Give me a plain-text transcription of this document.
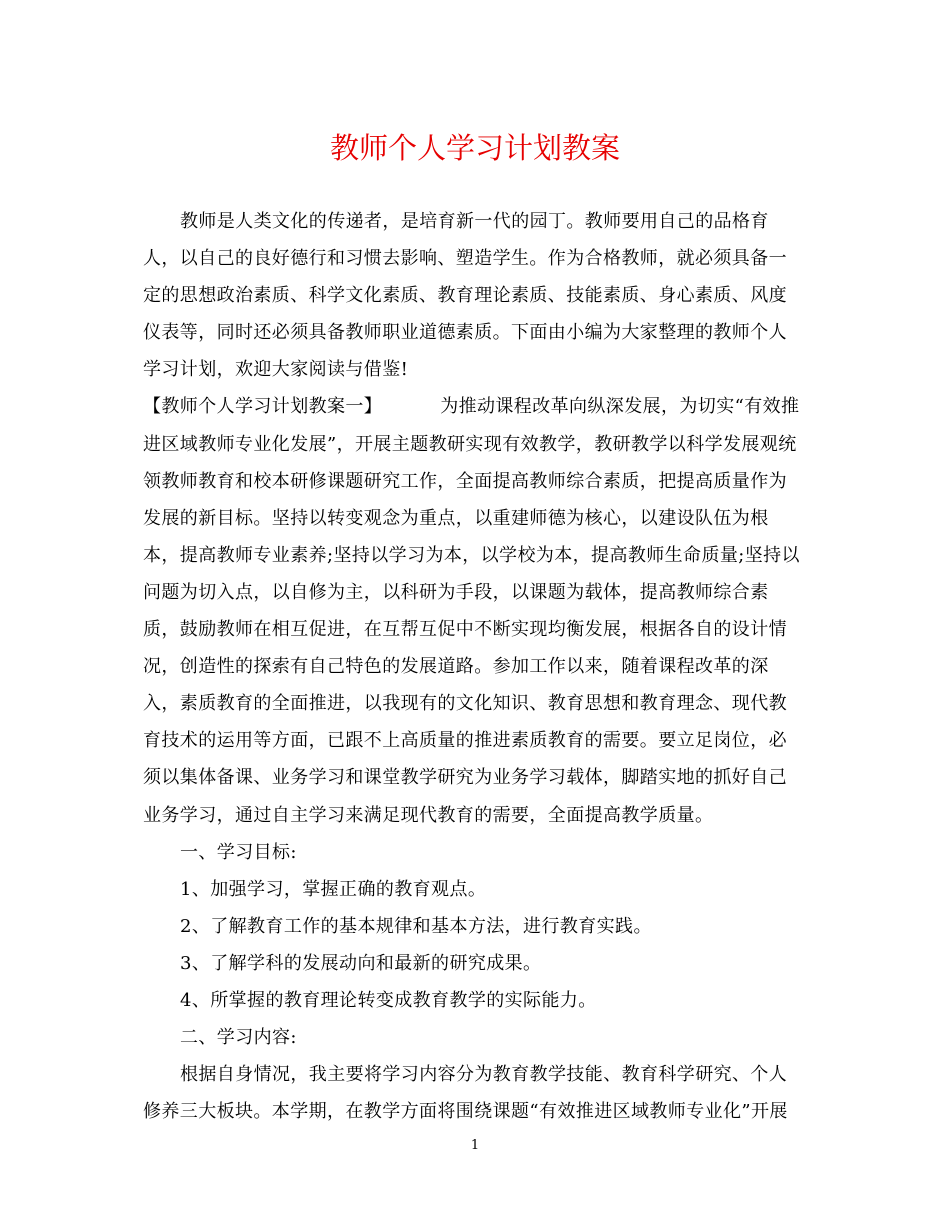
教师个人学习计划教案

教师是人类文化的传递者，是培育新一代的园丁。教师要用自己的品格育人，以自己的良好德行和习惯去影响、塑造学生。作为合格教师，就必须具备一定的思想政治素质、科学文化素质、教育理论素质、技能素质、身心素质、风度仪表等，同时还必须具备教师职业道德素质。下面由小编为大家整理的教师个人学习计划，欢迎大家阅读与借鉴!

【教师个人学习计划教案一】	为推动课程改革向纵深发展，为切实“有效推进区域教师专业化发展”，开展主题教研实现有效教学，教研教学以科学发展观统领教师教育和校本研修课题研究工作，全面提高教师综合素质，把提高质量作为发展的新目标。坚持以转变观念为重点，以重建师德为核心，以建设队伍为根本，提高教师专业素养;坚持以学习为本，以学校为本，提高教师生命质量;坚持以问题为切入点，以自修为主，以科研为手段，以课题为载体，提高教师综合素质，鼓励教师在相互促进，在互帮互促中不断实现均衡发展，根据各自的设计情况，创造性的探索有自己特色的发展道路。参加工作以来，随着课程改革的深入，素质教育的全面推进，以我现有的文化知识、教育思想和教育理念、现代教育技术的运用等方面，已跟不上高质量的推进素质教育的需要。要立足岗位，必须以集体备课、业务学习和课堂教学研究为业务学习载体，脚踏实地的抓好自己业务学习，通过自主学习来满足现代教育的需要，全面提高教学质量。

一、学习目标:

1、加强学习，掌握正确的教育观点。

2、了解教育工作的基本规律和基本方法，进行教育实践。

3、了解学科的发展动向和最新的研究成果。

4、所掌握的教育理论转变成教育教学的实际能力。

二、学习内容:

根据自身情况，我主要将学习内容分为教育教学技能、教育科学研究、个人修养三大板块。本学期，在教学方面将围绕课题“有效推进区域教师专业化”开展

1
